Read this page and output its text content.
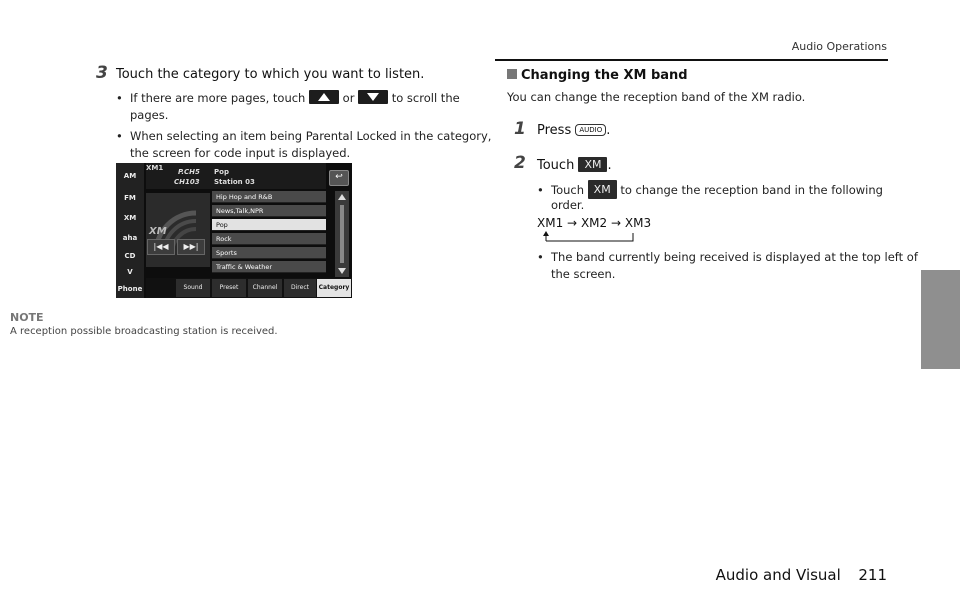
Audio Operations
3 Touch the category to which you want to listen.
• If there are more pages, touch	or	to scroll the
pages.
• When selecting an item being Parental Locked in the category,
the screen for code input is displayed.
AM
FM
XM
aha
CD
V
Phone
XM1 P.CH5
CH103
Pop
Station 03	↩
XM
|◀◀	▶▶|
Hip Hop and R&B
News,Talk,NPR
Pop
Rock
Sports
Traffic & Weather
Sound	Preset	Channel	Direct	Category
NOTE
A reception possible broadcasting station is received.
Changing the XM band
You can change the reception band of the XM radio.
1 Press AUDIO .
2 Touch XM .
• Touch XM to change the reception band in the following
order.
XM1 → XM2 → XM3
• The band currently being received is displayed at the top left of
the screen.
Audio and Visual 211
